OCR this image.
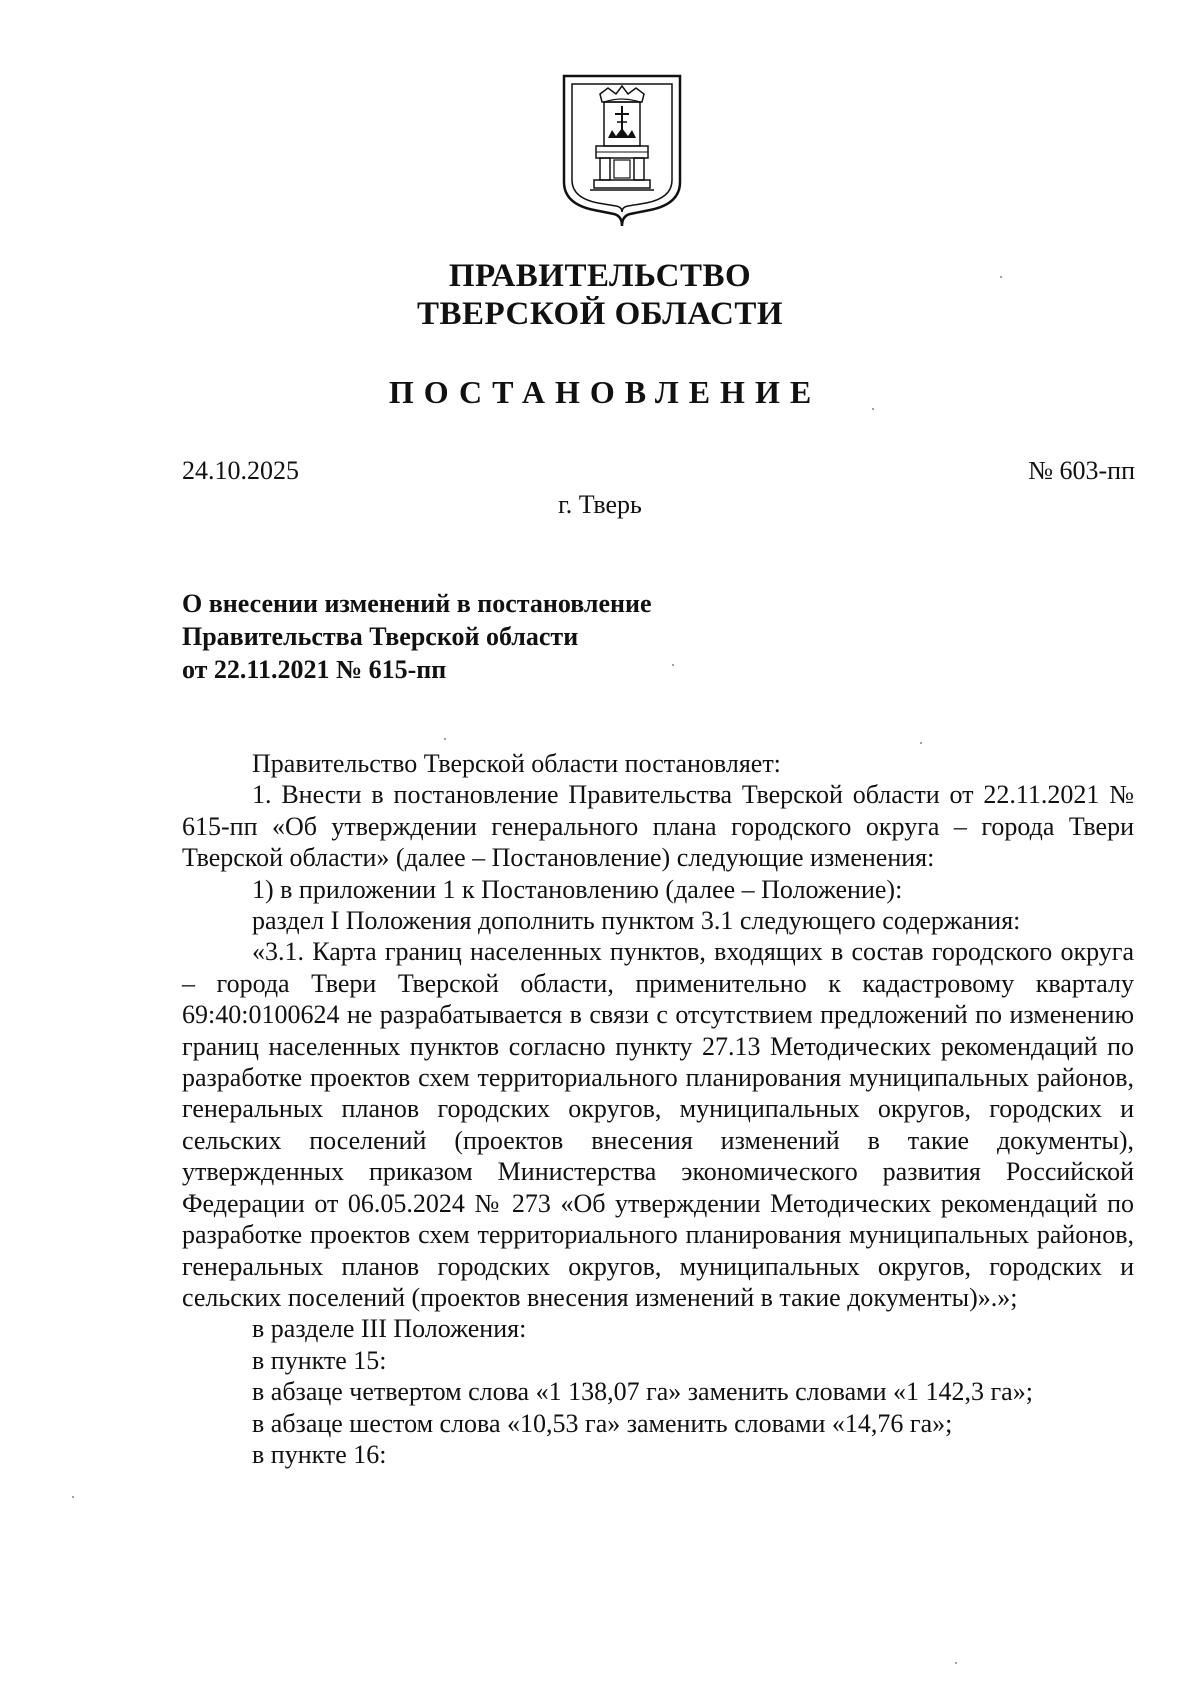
ПРАВИТЕЛЬСТВО
ТВЕРСКОЙ ОБЛАСТИ
ПОСТАНОВЛЕНИЕ
24.10.2025	№ 603-пп
г. Тверь
О внесении изменений в постановление
Правительства Тверской области
от 22.11.2021 № 615-пп

Правительство Тверской области постановляет:

1. Внести в постановление Правительства Тверской области от 22.11.2021 № 615-пп «Об утверждении генерального плана городского округа – города Твери Тверской области» (далее – Постановление) следующие изменения:

1) в приложении 1 к Постановлению (далее – Положение):

раздел I Положения дополнить пунктом 3.1 следующего содержания:

«3.1. Карта границ населенных пунктов, входящих в состав городского округа – города Твери Тверской области, применительно к кадастровому кварталу 69:40:0100624 не разрабатывается в связи с отсутствием предложений по изменению границ населенных пунктов согласно пункту 27.13 Методических рекомендаций по разработке проектов схем территориального планирования муниципальных районов, генеральных планов городских округов, муниципальных округов, городских и сельских поселений (проектов внесения изменений в такие документы), утвержденных приказом Министерства экономического развития Российской Федерации от 06.05.2024 № 273 «Об утверждении Методических рекомендаций по разработке проектов схем территориального планирования муниципальных районов, генеральных планов городских округов, муниципальных округов, городских и сельских поселений (проектов внесения изменений в такие документы)».»;

в разделе III Положения:

в пункте 15:

в абзаце четвертом слова «1 138,07 га» заменить словами «1 142,3 га»;

в абзаце шестом слова «10,53 га» заменить словами «14,76 га»;

в пункте 16:
